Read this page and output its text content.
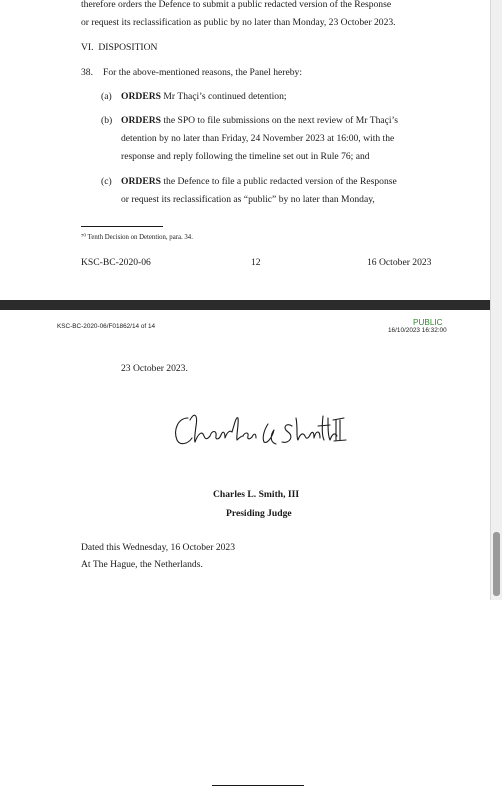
therefore orders the Defence to submit a public redacted version of the Response
or request its reclassification as public by no later than Monday, 23 October 2023.
VI.  DISPOSITION
38. For the above-mentioned reasons, the Panel hereby:
(a) ORDERS Mr Thaçi’s continued detention;
(b) ORDERS the SPO to file submissions on the next review of Mr Thaçi’s
detention by no later than Friday, 24 November 2023 at 16:00, with the
response and reply following the timeline set out in Rule 76; and
(c) ORDERS the Defence to file a public redacted version of the Response
or request its reclassification as “public” by no later than Monday,
⁷⁰ Tenth Decision on Detention, para. 34.
KSC-BC-2020-06	12	16 October 2023
KSC-BC-2020-06/F01862/14 of 14	PUBLIC
16/10/2023 16:32:00
23 October 2023.
Charles L. Smith, III
Presiding Judge
Dated this Wednesday, 16 October 2023
At The Hague, the Netherlands.
